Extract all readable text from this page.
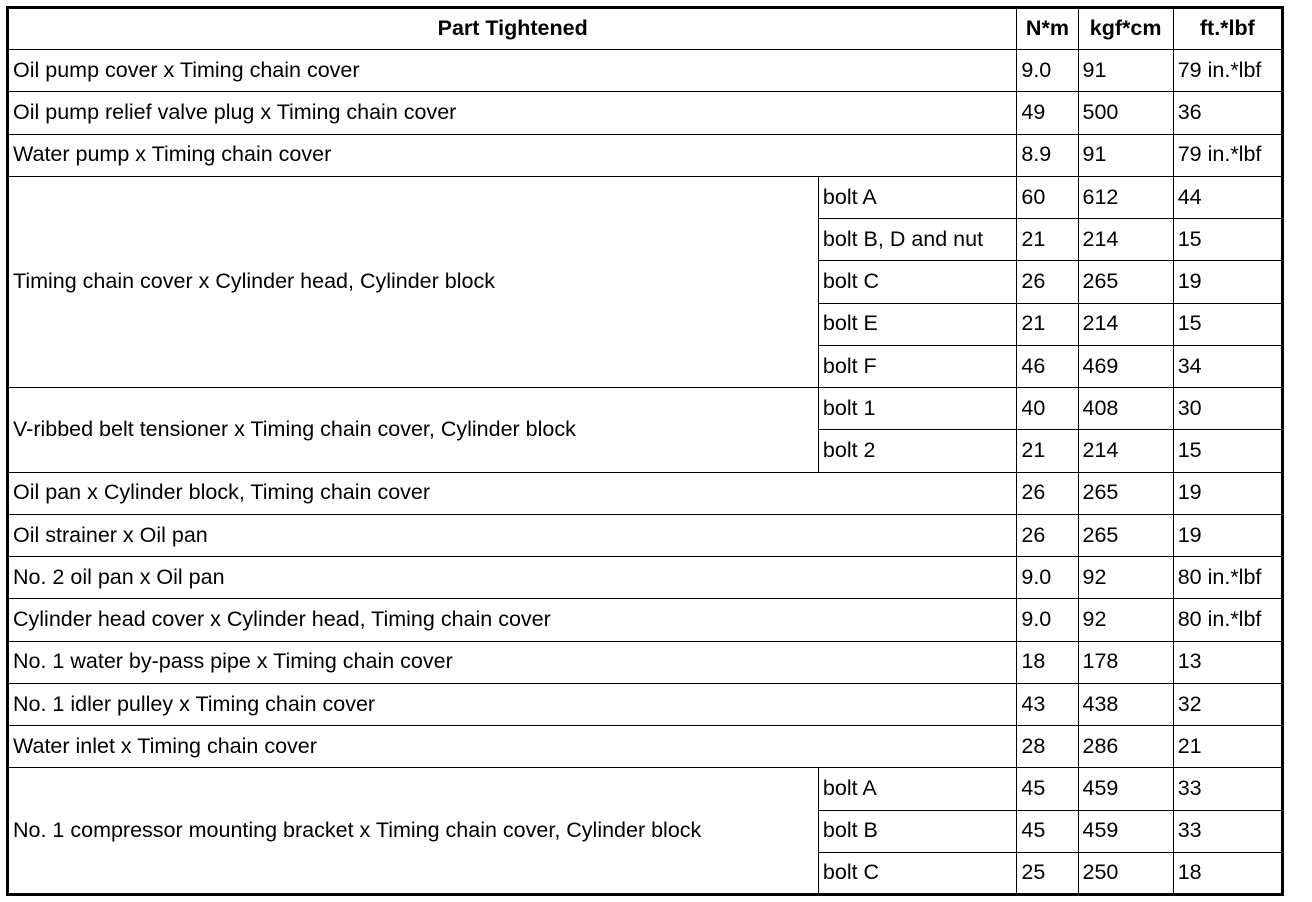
Part Tightened		N*m	kgf*cm	ft.*lbf
Oil pump cover x Timing chain cover		9.0	91	79 in.*lbf
Oil pump relief valve plug x Timing chain cover		49	500	36
Water pump x Timing chain cover		8.9	91	79 in.*lbf
Timing chain cover x Cylinder head, Cylinder block	bolt A	60	612	44
	bolt B, D and nut	21	214	15
	bolt C	26	265	19
	bolt E	21	214	15
	bolt F	46	469	34
V-ribbed belt tensioner x Timing chain cover, Cylinder block	bolt 1	40	408	30
	bolt 2	21	214	15
Oil pan x Cylinder block, Timing chain cover		26	265	19
Oil strainer x Oil pan		26	265	19
No. 2 oil pan x Oil pan		9.0	92	80 in.*lbf
Cylinder head cover x Cylinder head, Timing chain cover		9.0	92	80 in.*lbf
No. 1 water by-pass pipe x Timing chain cover		18	178	13
No. 1 idler pulley x Timing chain cover		43	438	32
Water inlet x Timing chain cover		28	286	21
No. 1 compressor mounting bracket x Timing chain cover, Cylinder block	bolt A	45	459	33
	bolt B	45	459	33
	bolt C	25	250	18
